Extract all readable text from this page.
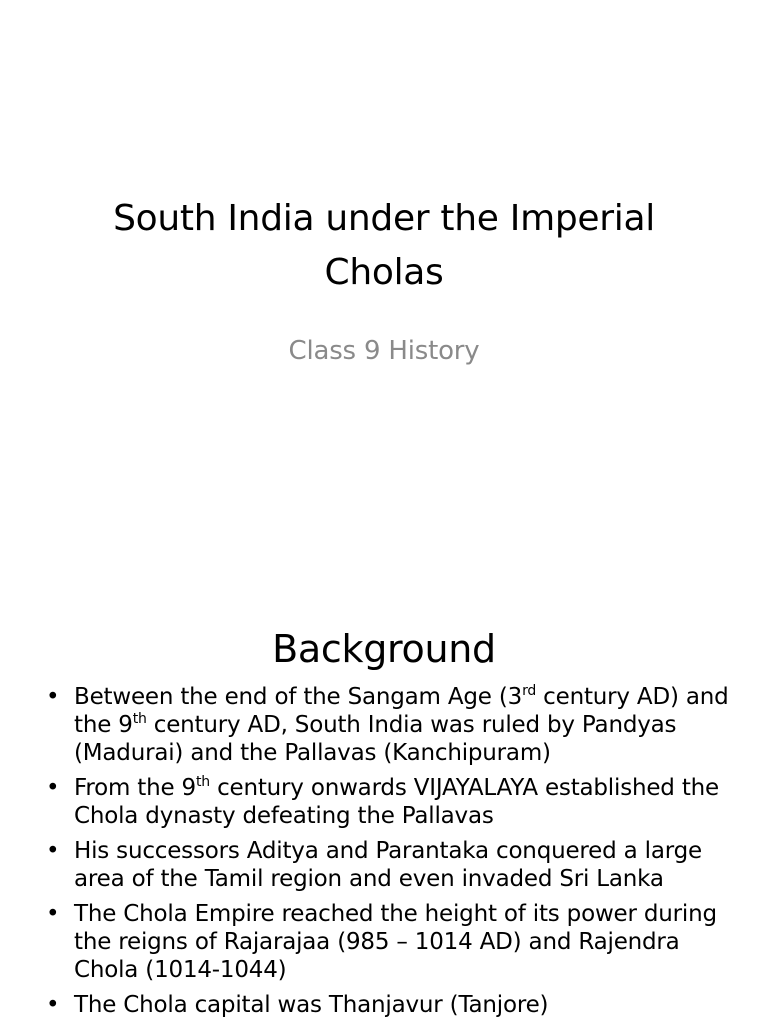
South India under the Imperial
Cholas
Class 9 History
Background
• Between the end of the Sangam Age (3rd century AD) and the 9th century AD, South India was ruled by Pandyas (Madurai) and the Pallavas (Kanchipuram)
• From the 9th century onwards VIJAYALAYA established the Chola dynasty defeating the Pallavas
• His successors Aditya and Parantaka conquered a large area of the Tamil region and even invaded Sri Lanka
• The Chola Empire reached the height of its power during the reigns of Rajarajaa (985 – 1014 AD) and Rajendra Chola (1014-1044)
• The Chola capital was Thanjavur (Tanjore)
